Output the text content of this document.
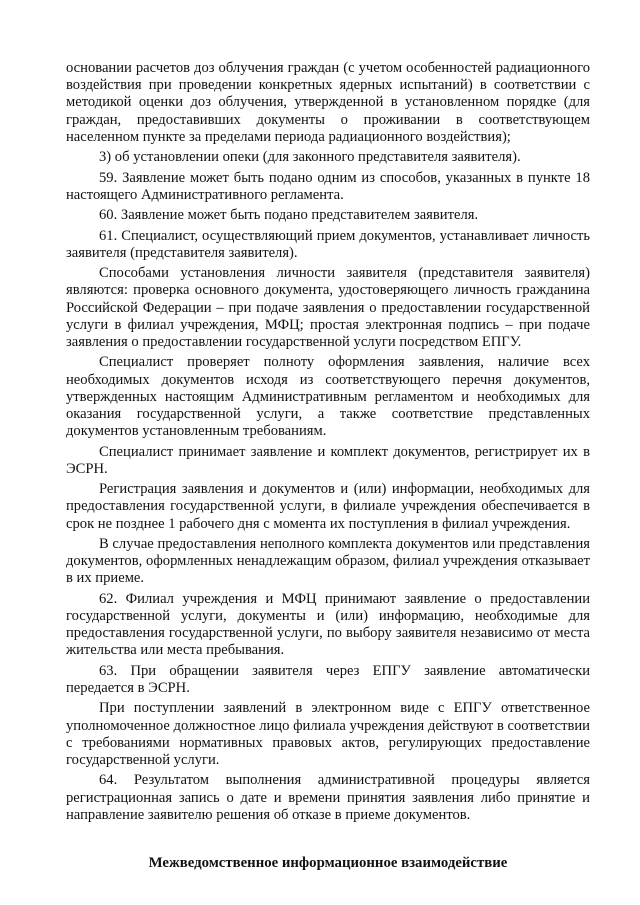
основании расчетов доз облучения граждан (с учетом особенностей радиационного воздействия при проведении конкретных ядерных испытаний) в соответствии с методикой оценки доз облучения, утвержденной в установленном порядке (для граждан, предоставивших документы о проживании в соответствующем населенном пункте за пределами периода радиационного воздействия);

3) об установлении опеки (для законного представителя заявителя).

59. Заявление может быть подано одним из способов, указанных в пункте 18 настоящего Административного регламента.

60. Заявление может быть подано представителем заявителя.

61. Специалист, осуществляющий прием документов, устанавливает личность заявителя (представителя заявителя).

Способами установления личности заявителя (представителя заявителя) являются: проверка основного документа, удостоверяющего личность гражданина Российской Федерации – при подаче заявления о предоставлении государственной услуги в филиал учреждения, МФЦ; простая электронная подпись – при подаче заявления о предоставлении государственной услуги посредством ЕПГУ.

Специалист проверяет полноту оформления заявления, наличие всех необходимых документов исходя из соответствующего перечня документов, утвержденных настоящим Административным регламентом и необходимых для оказания государственной услуги, а также соответствие представленных документов установленным требованиям.

Специалист принимает заявление и комплект документов, регистрирует их в ЭСРН.

Регистрация заявления и документов и (или) информации, необходимых для предоставления государственной услуги, в филиале учреждения обеспечивается в срок не позднее 1 рабочего дня с момента их поступления в филиал учреждения.

В случае предоставления неполного комплекта документов или представления документов, оформленных ненадлежащим образом, филиал учреждения отказывает в их приеме.

62. Филиал учреждения и МФЦ принимают заявление о предоставлении государственной услуги, документы и (или) информацию, необходимые для предоставления государственной услуги, по выбору заявителя независимо от места жительства или места пребывания.

63. При обращении заявителя через ЕПГУ заявление автоматически передается в ЭСРН.

При поступлении заявлений в электронном виде с ЕПГУ ответственное уполномоченное должностное лицо филиала учреждения действуют в соответствии с требованиями нормативных правовых актов, регулирующих предоставление государственной услуги.

64. Результатом выполнения административной процедуры является регистрационная запись о дате и времени принятия заявления либо принятие и направление заявителю решения об отказе в приеме документов.

Межведомственное информационное взаимодействие
